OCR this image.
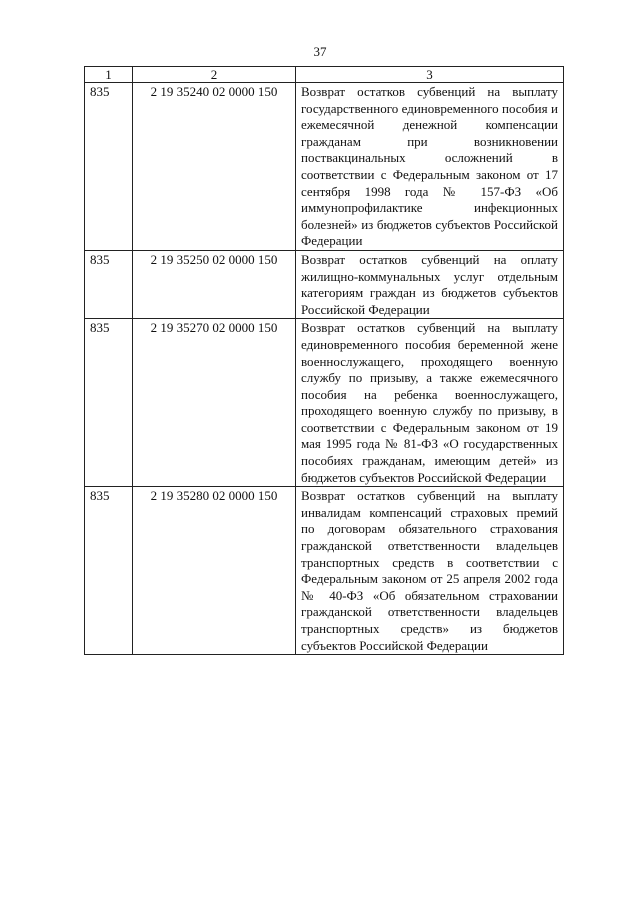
37
1	2	3
835	2 19 35240 02 0000 150	Возврат остатков субвенций на выплату государственного единовременного пособия и ежемесячной денежной компенсации гражданам при возникновении поствакцинальных осложнений в соответствии с Федеральным законом от 17 сентября 1998 года № 157-ФЗ «Об иммунопрофилактике инфекционных болезней» из бюджетов субъектов Российской Федерации

835	2 19 35250 02 0000 150	Возврат остатков субвенций на оплату жилищно-коммунальных услуг отдельным категориям граждан из бюджетов субъектов Российской Федерации

835	2 19 35270 02 0000 150	Возврат остатков субвенций на выплату единовременного пособия беременной жене военнослужащего, проходящего военную службу по призыву, а также ежемесячного пособия на ребенка военнослужащего, проходящего военную службу по призыву, в соответствии с Федеральным законом от 19 мая 1995 года № 81-ФЗ «О государственных пособиях гражданам, имеющим детей» из бюджетов субъектов Российской Федерации

835	2 19 35280 02 0000 150	Возврат остатков субвенций на выплату инвалидам компенсаций страховых премий по договорам обязательного страхования гражданской ответственности владельцев транспортных средств в соответствии с Федеральным законом от 25 апреля 2002 года № 40-ФЗ «Об обязательном страховании гражданской ответственности владельцев транспортных средств» из бюджетов субъектов Российской Федерации
